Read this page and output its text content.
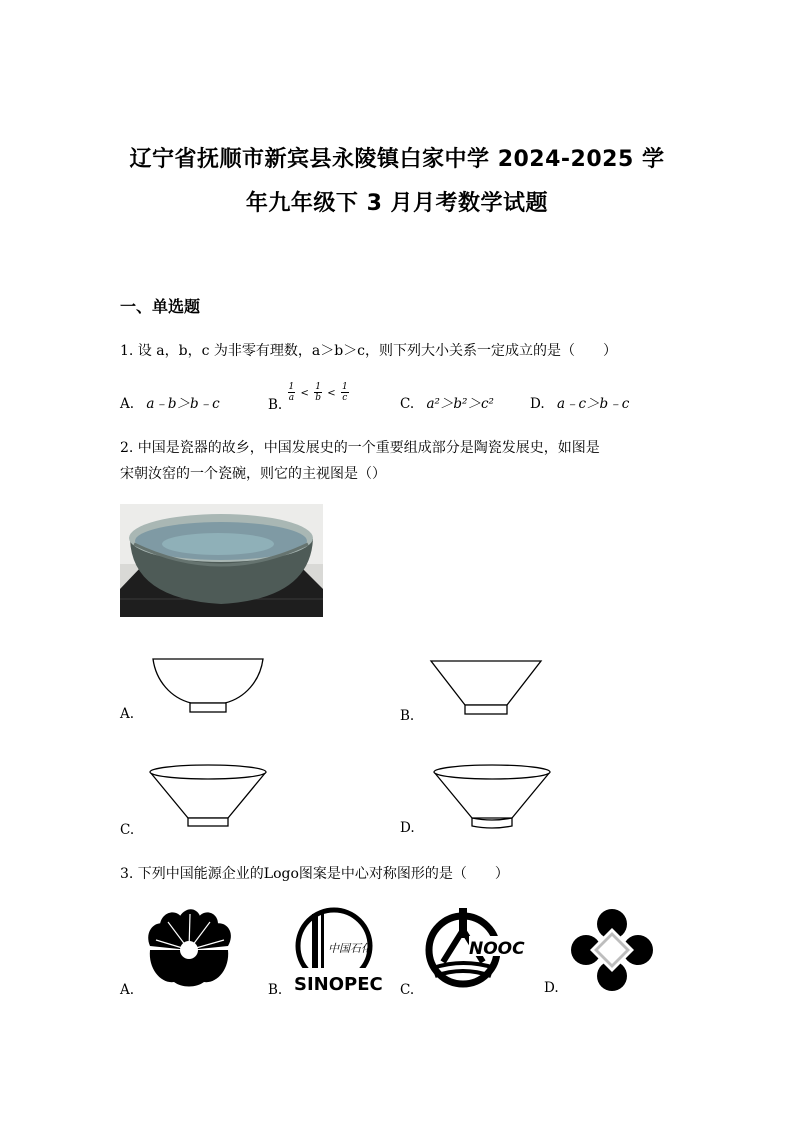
辽宁省抚顺市新宾县永陵镇白家中学 2024-2025 学
年九年级下 3 月月考数学试题
一、单选题
1. 设 a，b，c 为非零有理数，a＞b＞c，则下列大小关系一定成立的是（　　）
A. a﹣b＞b﹣c	B.
$\frac{1}{a} < \frac{1}{b} < \frac{1}{c}$
C. a²＞b²＞c²	D. a﹣c＞b﹣c
2. 中国是瓷器的故乡，中国发展史的一个重要组成部分是陶瓷发展史，如图是
宋朝汝窑的一个瓷碗，则它的主视图是（）
A.	B.
C.	D.
3. 下列中国能源企业的Logo图案是中心对称图形的是（　　）
A.
中国石化
SINOPEC
B.
NOOC
C.	D.
